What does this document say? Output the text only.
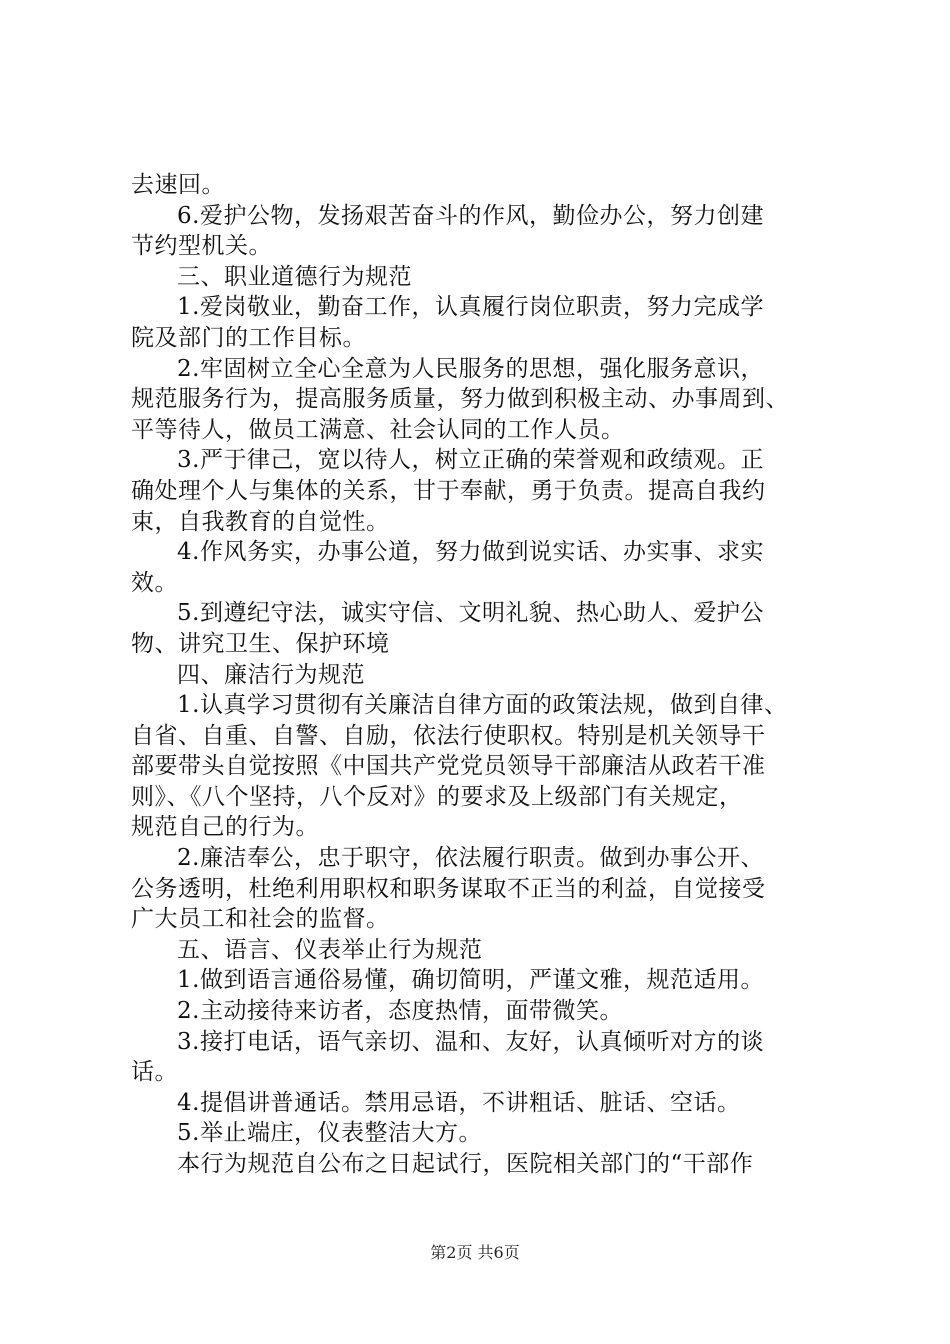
去速回。
6.爱护公物，发扬艰苦奋斗的作风，勤俭办公，努力创建
节约型机关。
三、职业道德行为规范
1.爱岗敬业，勤奋工作，认真履行岗位职责，努力完成学
院及部门的工作目标。
2.牢固树立全心全意为人民服务的思想，强化服务意识，
规范服务行为，提高服务质量，努力做到积极主动、办事周到、
平等待人，做员工满意、社会认同的工作人员。
3.严于律己，宽以待人，树立正确的荣誉观和政绩观。正
确处理个人与集体的关系，甘于奉献，勇于负责。提高自我约
束，自我教育的自觉性。
4.作风务实，办事公道，努力做到说实话、办实事、求实
效。
5.到遵纪守法，诚实守信、文明礼貌、热心助人、爱护公
物、讲究卫生、保护环境
四、廉洁行为规范
1.认真学习贯彻有关廉洁自律方面的政策法规，做到自律、
自省、自重、自警、自励，依法行使职权。特别是机关领导干
部要带头自觉按照《中国共产党党员领导干部廉洁从政若干准
则》、《八个坚持，八个反对》的要求及上级部门有关规定，
规范自己的行为。
2.廉洁奉公，忠于职守，依法履行职责。做到办事公开、
公务透明，杜绝利用职权和职务谋取不正当的利益，自觉接受
广大员工和社会的监督。
五、语言、仪表举止行为规范
1.做到语言通俗易懂，确切简明，严谨文雅，规范适用。
2.主动接待来访者，态度热情，面带微笑。
3.接打电话，语气亲切、温和、友好，认真倾听对方的谈
话。
4.提倡讲普通话。禁用忌语，不讲粗话、脏话、空话。
5.举止端庄，仪表整洁大方。
本行为规范自公布之日起试行，医院相关部门的“干部作
第2页 共6页
